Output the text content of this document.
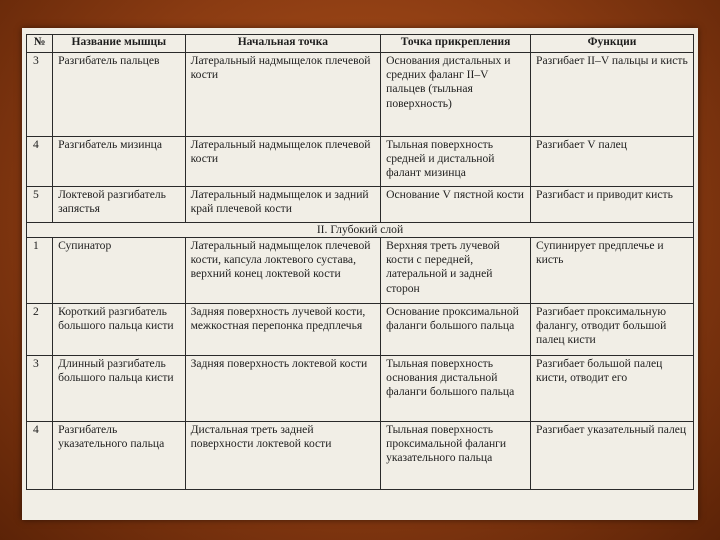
№	Название мышцы	Начальная точка	Точка прикрепления	Функции
3	Разгибатель пальцев	Латеральный надмыщелок плечевой кости	Основания дистальных и средних фаланг II–V пальцев (тыльная поверхность)	Разгибает II–V пальцы и кисть
4	Разгибатель мизинца	Латеральный надмыщелок плечевой кости	Тыльная поверхность средней и дистальной фалант мизинца	Разгибает V палец
5	Локтевой разгибатель запястья	Латеральный надмыщелок и задний край плечевой кости	Основание V пястной кости	Разгибаст и приводит кисть
II. Глубокий слой				
1	Супинатор	Латеральный надмыщелок плечевой кости, капсула локтевого сустава, верхний конец локтевой кости	Верхняя треть лучевой кости с передней, латеральной и задней сторон	Супинирует предплечье и кисть
2	Короткий разгибатель большого пальца кисти	Задняя поверхность лучевой кости, межкостная перепонка предплечья	Основание проксимальной фаланги большого пальца	Разгибает проксимальную фалангу, отводит большой палец кисти
3	Длинный разгибатель большого пальца кисти	Задняя поверхность локтевой кости	Тыльная поверхность основания дистальной фаланги большого пальца	Разгибает большой палец кисти, отводит его
4	Разгибатель указательного пальца	Дистальная треть задней поверхности локтевой кости	Тыльная поверхность проксимальной фаланги указательного пальца	Разгибает указательный палец
